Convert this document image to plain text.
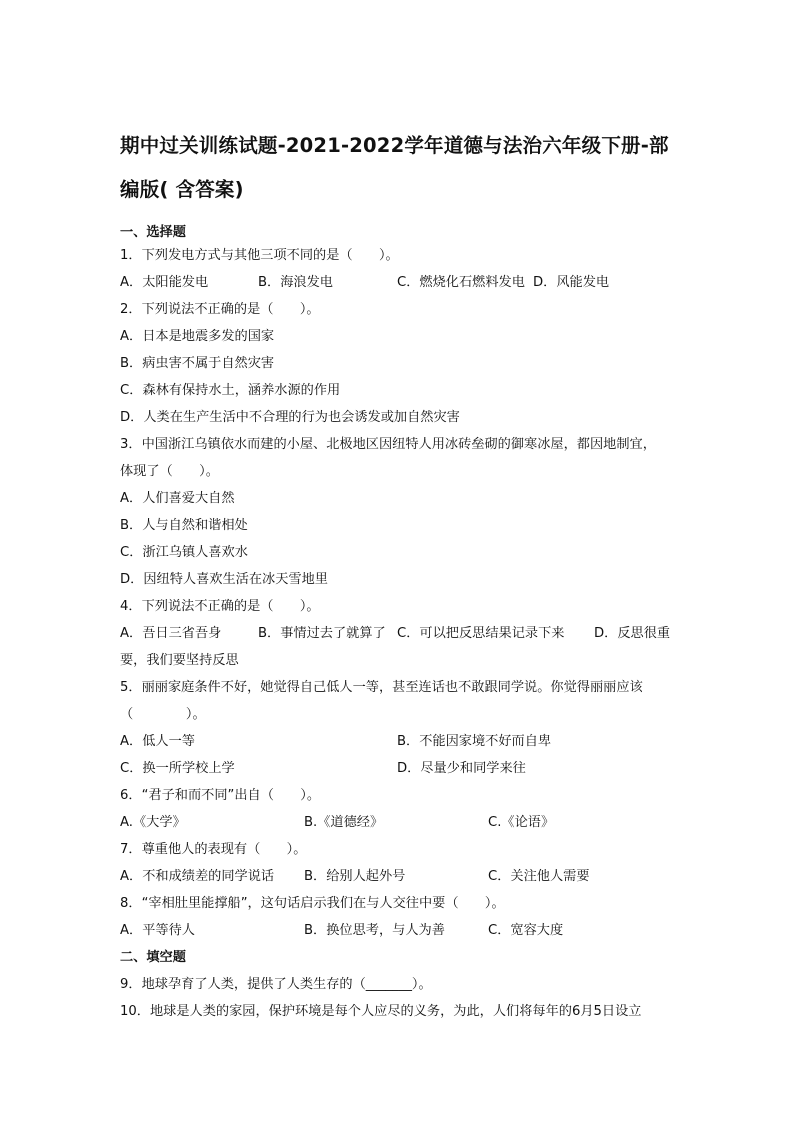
期中过关训练试题-2021-2022学年道德与法治六年级下册-部编版( 含答案)
一、选择题
1．下列发电方式与其他三项不同的是（　　）。
A．太阳能发电	B．海浪发电	C．燃烧化石燃料发电 D．风能发电
2．下列说法不正确的是（　　）。
A．日本是地震多发的国家
B．病虫害不属于自然灾害
C．森林有保持水土，涵养水源的作用
D．人类在生产生活中不合理的行为也会诱发或加自然灾害
3．中国浙江乌镇依水而建的小屋、北极地区因纽特人用冰砖垒砌的御寒冰屋，都因地制宜，
体现了（　　）。
A．人们喜爱大自然
B．人与自然和谐相处
C．浙江乌镇人喜欢水
D．因纽特人喜欢生活在冰天雪地里
4．下列说法不正确的是（　　）。
A．吾日三省吾身	B．事情过去了就算了 C．可以把反思结果记录下来 D．反思很重
要，我们要坚持反思
5．丽丽家庭条件不好，她觉得自己低人一等，甚至连话也不敢跟同学说。你觉得丽丽应该
（　　　　）。
A．低人一等	B．不能因家境不好而自卑
C．换一所学校上学	D．尽量少和同学来往
6．“君子和而不同”出自（　　）。
A.《大学》	B.《道德经》	C.《论语》
7．尊重他人的表现有（　　）。
A．不和成绩差的同学说话 B．给别人起外号	C．关注他人需要
8．“宰相肚里能撑船”，这句话启示我们在与人交往中要（　　）。
A．平等待人	B．换位思考，与人为善	C．宽容大度
二、填空题
9．地球孕育了人类，提供了人类生存的（_______）。
10．地球是人类的家园，保护环境是每个人应尽的义务，为此，人们将每年的6月5日设立
